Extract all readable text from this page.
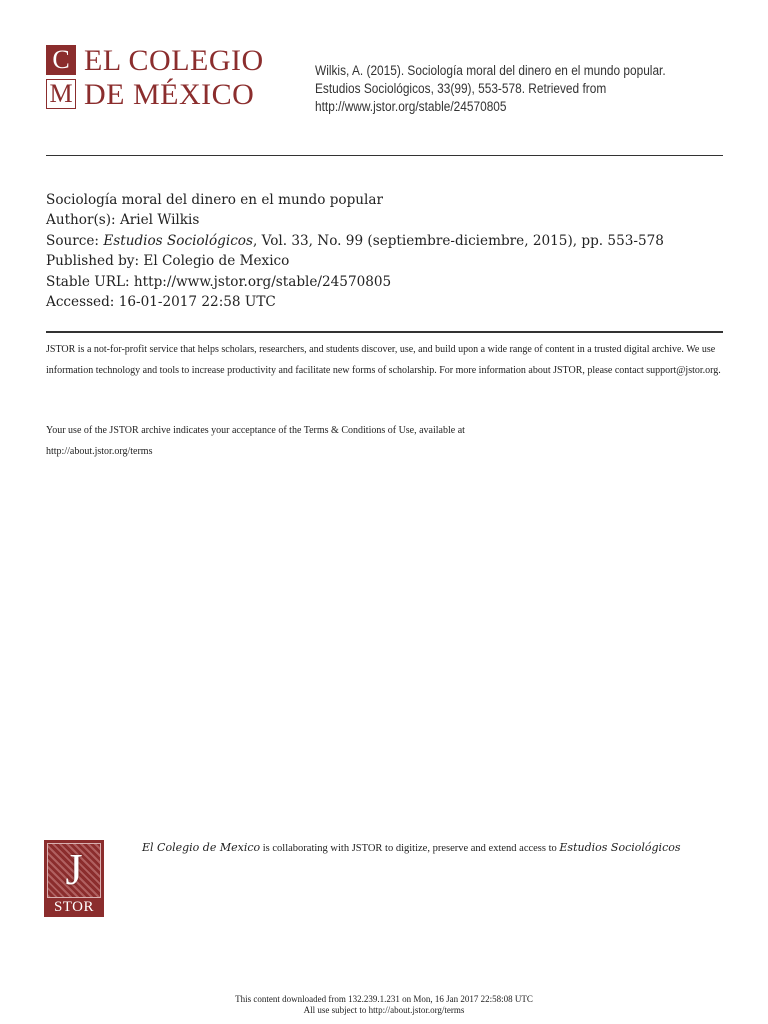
C
M
EL COLEGIO
DE MÉXICO
Wilkis, A. (2015). Sociología moral del dinero en el mundo popular. Estudios Sociológicos, 33(99), 553-578. Retrieved from http://www.jstor.org/stable/24570805
Sociología moral del dinero en el mundo popular
Author(s): Ariel Wilkis
Source: Estudios Sociológicos, Vol. 33, No. 99 (septiembre-diciembre, 2015), pp. 553-578
Published by: El Colegio de Mexico
Stable URL: http://www.jstor.org/stable/24570805
Accessed: 16-01-2017 22:58 UTC

JSTOR is a not-for-profit service that helps scholars, researchers, and students discover, use, and build upon a wide range of content in a trusted digital archive. We use information technology and tools to increase productivity and facilitate new forms of scholarship. For more information about JSTOR, please contact support@jstor.org.

Your use of the JSTOR archive indicates your acceptance of the Terms & Conditions of Use, available at

http://about.jstor.org/terms

J
STOR
El Colegio de Mexico is collaborating with JSTOR to digitize, preserve and extend access to Estudios Sociológicos
This content downloaded from 132.239.1.231 on Mon, 16 Jan 2017 22:58:08 UTC
All use subject to http://about.jstor.org/terms
